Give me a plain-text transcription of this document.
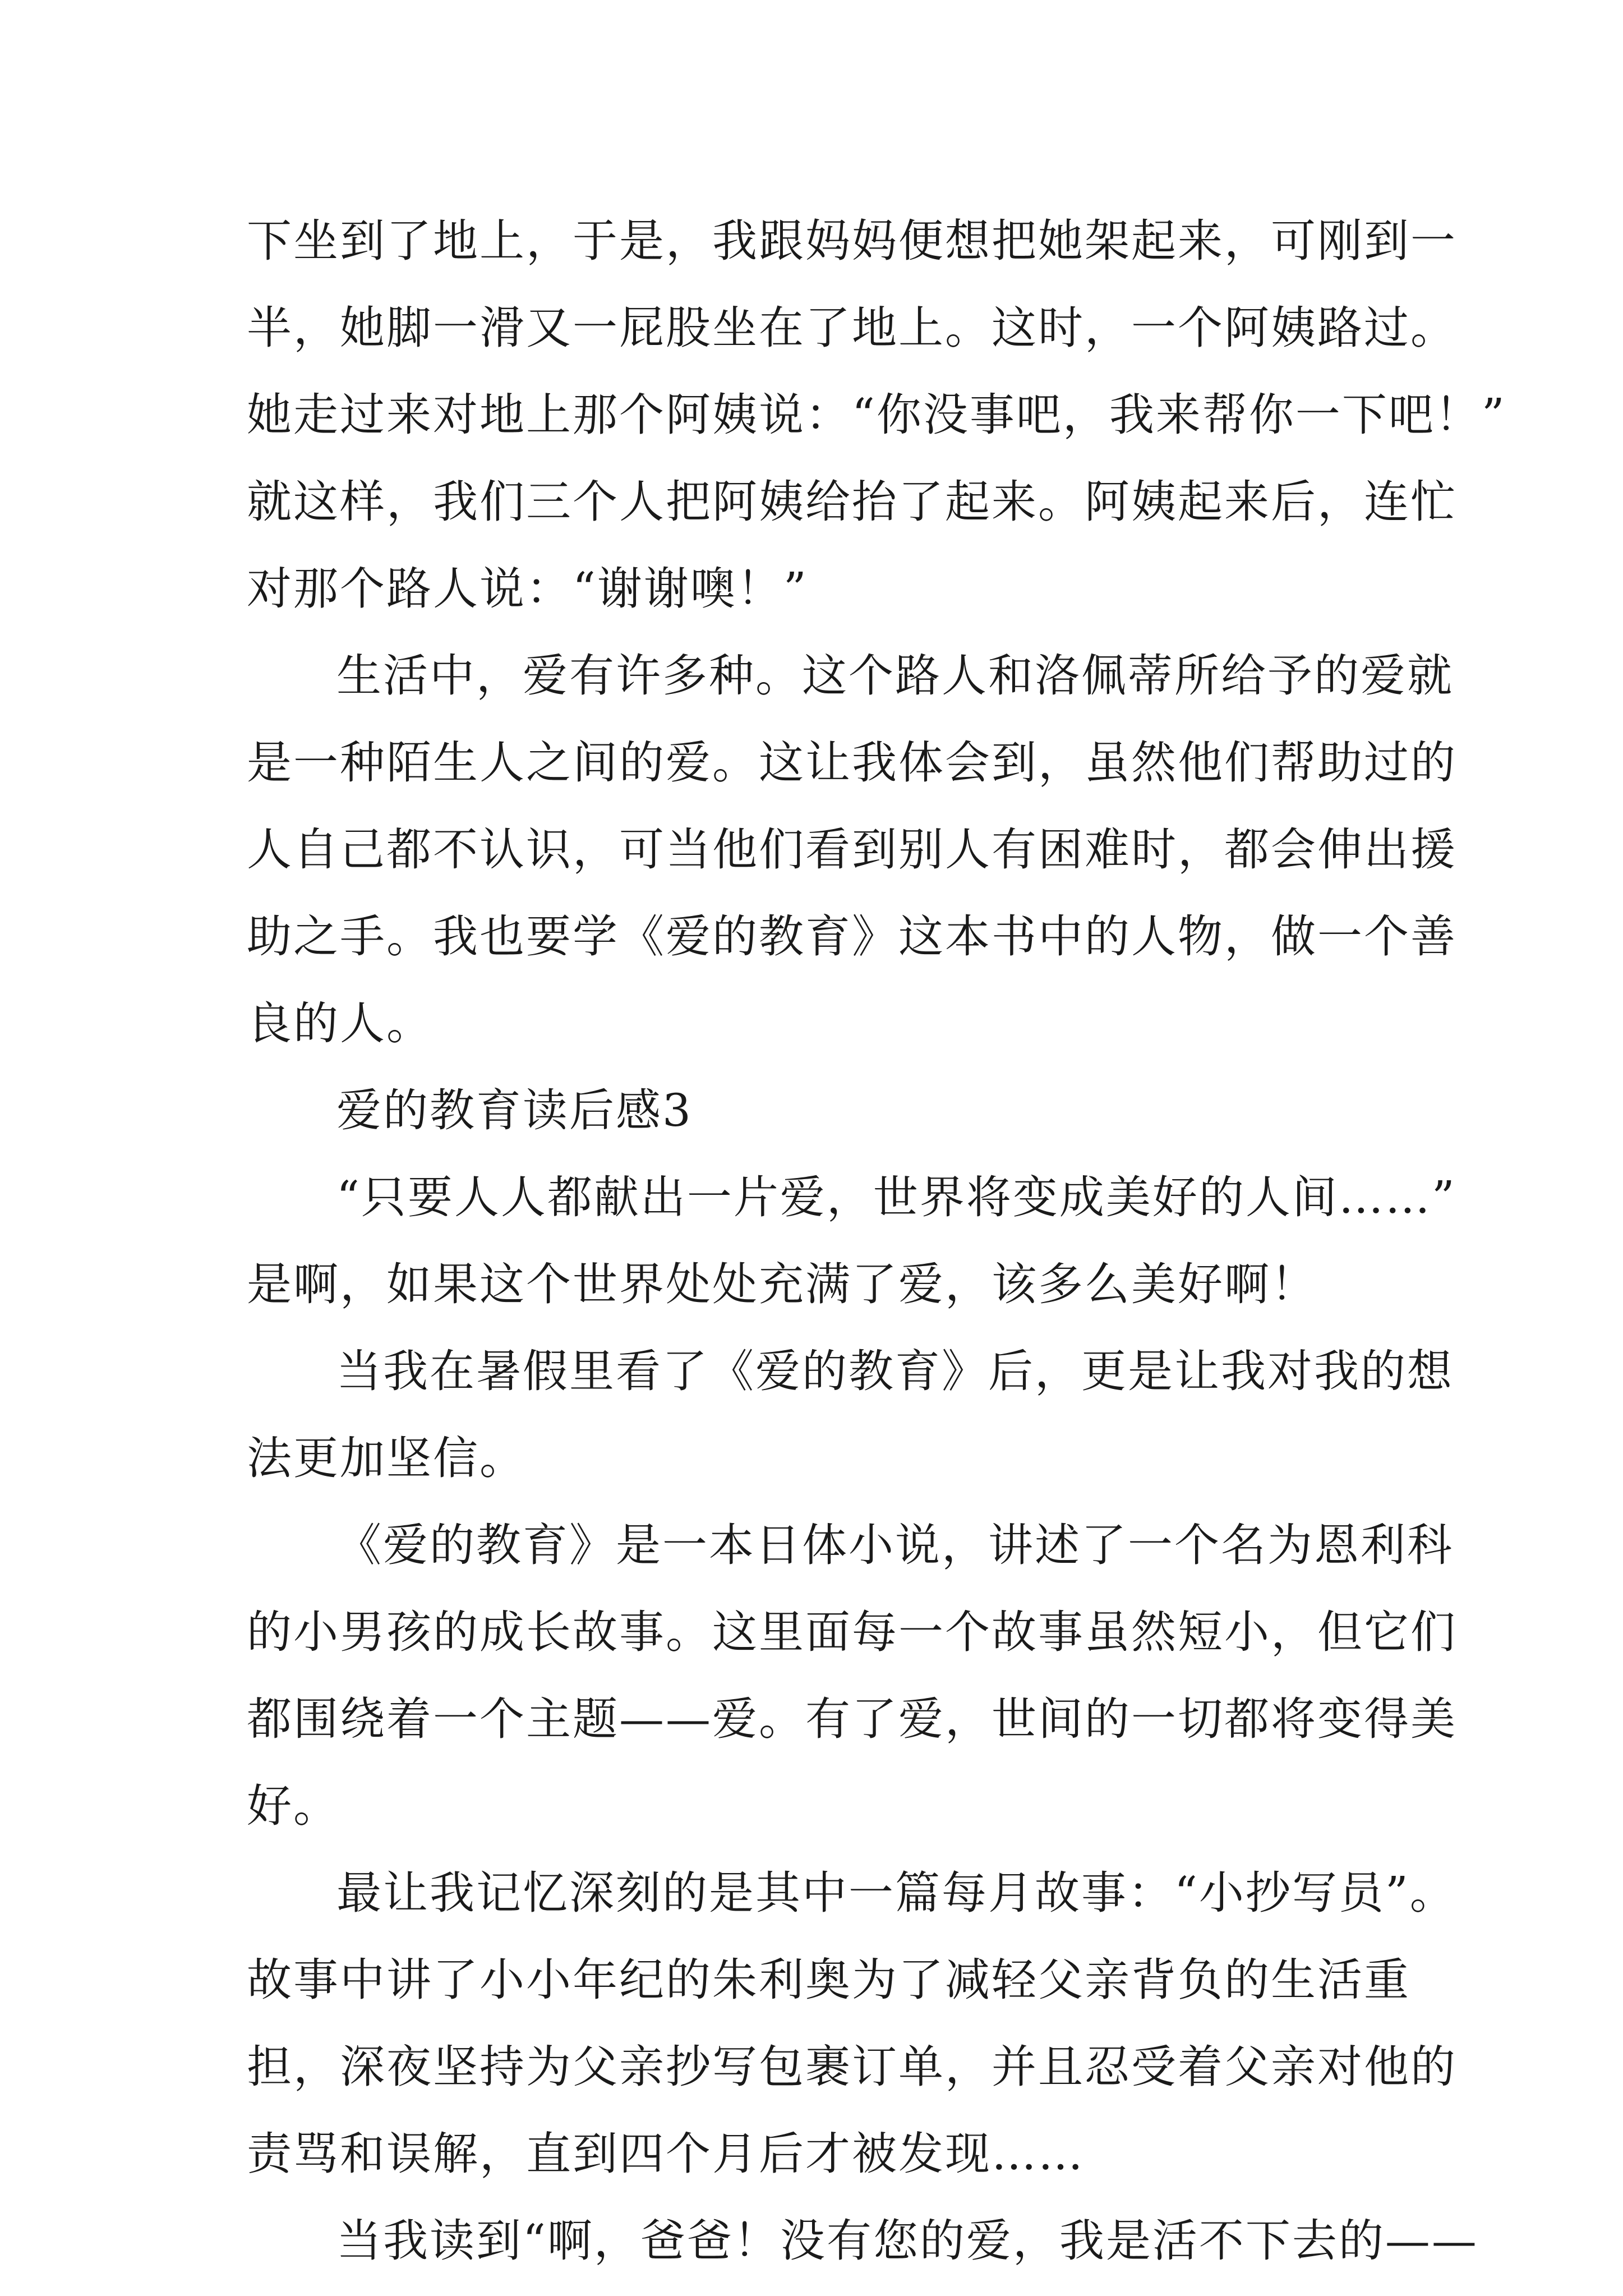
下坐到了地上，于是，我跟妈妈便想把她架起来，可刚到一
半，她脚一滑又一屁股坐在了地上。这时，一个阿姨路过。
她走过来对地上那个阿姨说：“你没事吧，我来帮你一下吧！”
就这样，我们三个人把阿姨给抬了起来。阿姨起来后，连忙
对那个路人说：“谢谢噢！”
生活中，爱有许多种。这个路人和洛佩蒂所给予的爱就
是一种陌生人之间的爱。这让我体会到，虽然他们帮助过的
人自己都不认识，可当他们看到别人有困难时，都会伸出援
助之手。我也要学《爱的教育》这本书中的人物，做一个善
良的人。
爱的教育读后感3
“只要人人都献出一片爱，世界将变成美好的人间……”
是啊，如果这个世界处处充满了爱，该多么美好啊！
当我在暑假里看了《爱的教育》后，更是让我对我的想
法更加坚信。
《爱的教育》是一本日体小说，讲述了一个名为恩利科
的小男孩的成长故事。这里面每一个故事虽然短小，但它们
都围绕着一个主题——爱。有了爱，世间的一切都将变得美
好。
最让我记忆深刻的是其中一篇每月故事：“小抄写员”。
故事中讲了小小年纪的朱利奥为了减轻父亲背负的生活重
担，深夜坚持为父亲抄写包裹订单，并且忍受着父亲对他的
责骂和误解，直到四个月后才被发现……
当我读到“啊，爸爸！没有您的爱，我是活不下去的——
